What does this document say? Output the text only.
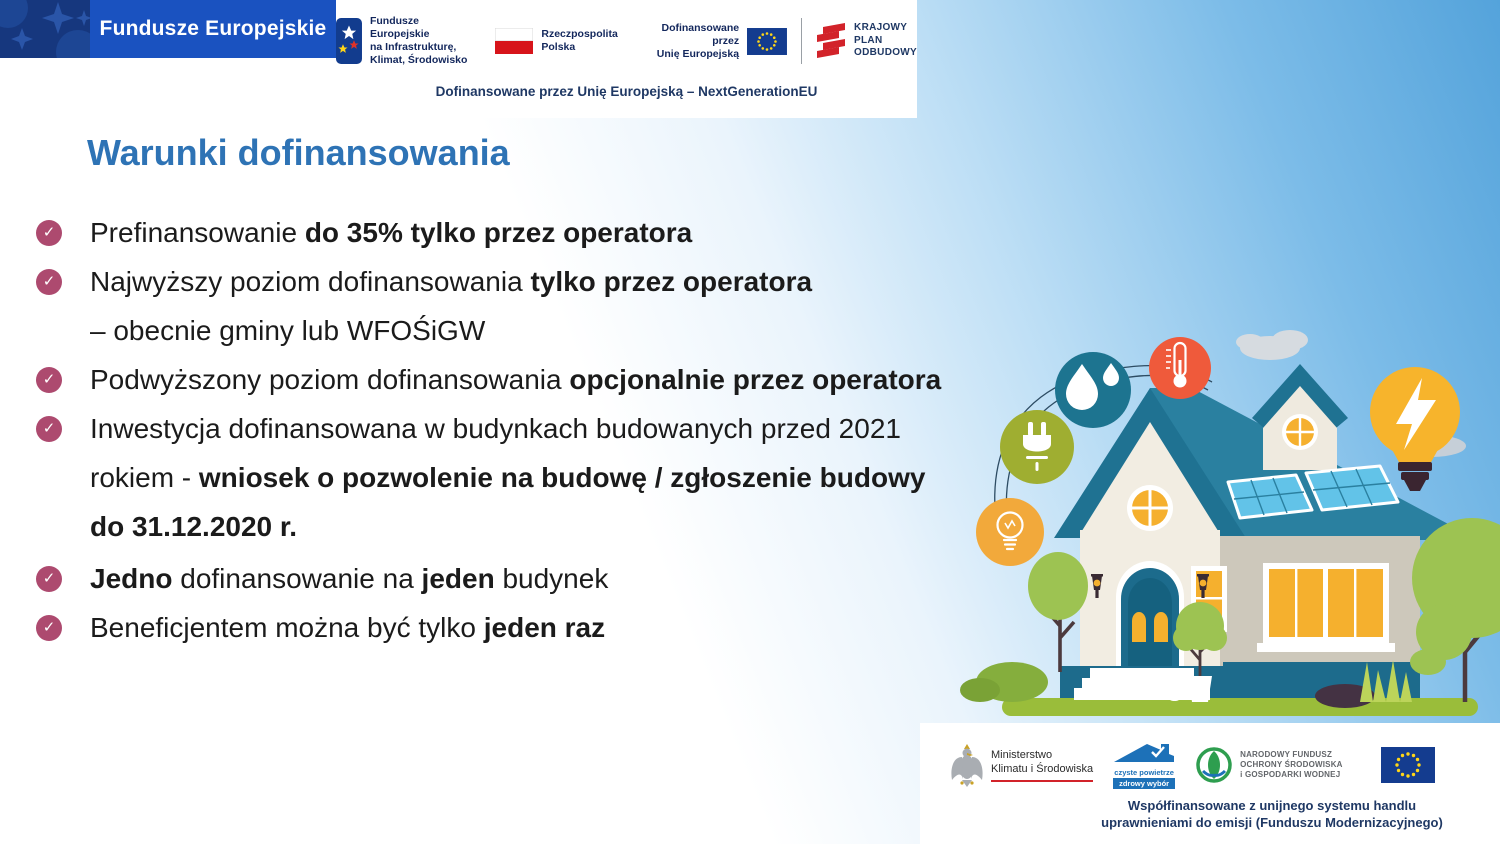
Fundusze Europejskie	Fundusze Europejskie
na Infrastrukturę,
Klimat, Środowisko
Rzeczpospolita
Polska
Dofinansowane przez
Unię Europejską
KRAJOWY
PLAN
ODBUDOWY
Dofinansowane przez Unię Europejską – NextGenerationEU
Warunki dofinansowania
✓ Prefinansowanie do 35% tylko przez operatora
✓ Najwyższy poziom dofinansowania tylko przez operatora
– obecnie gminy lub WFOŚiGW
✓ Podwyższony poziom dofinansowania opcjonalnie przez operatora
✓ Inwestycja dofinansowana w budynkach budowanych przed 2021
rokiem - wniosek o pozwolenie na budowę / zgłoszenie budowy
do 31.12.2020 r.
✓ Jedno dofinansowanie na jeden budynek
✓ Beneficjentem można być tylko jeden raz
Ministerstwo
Klimatu i Środowiska	czyste powietrze
zdrowy wybór
NARODOWY FUNDUSZ
OCHRONY ŚRODOWISKA
i GOSPODARKI WODNEJ
Współfinansowane z unijnego systemu handlu
uprawnieniami do emisji (Funduszu Modernizacyjnego)
